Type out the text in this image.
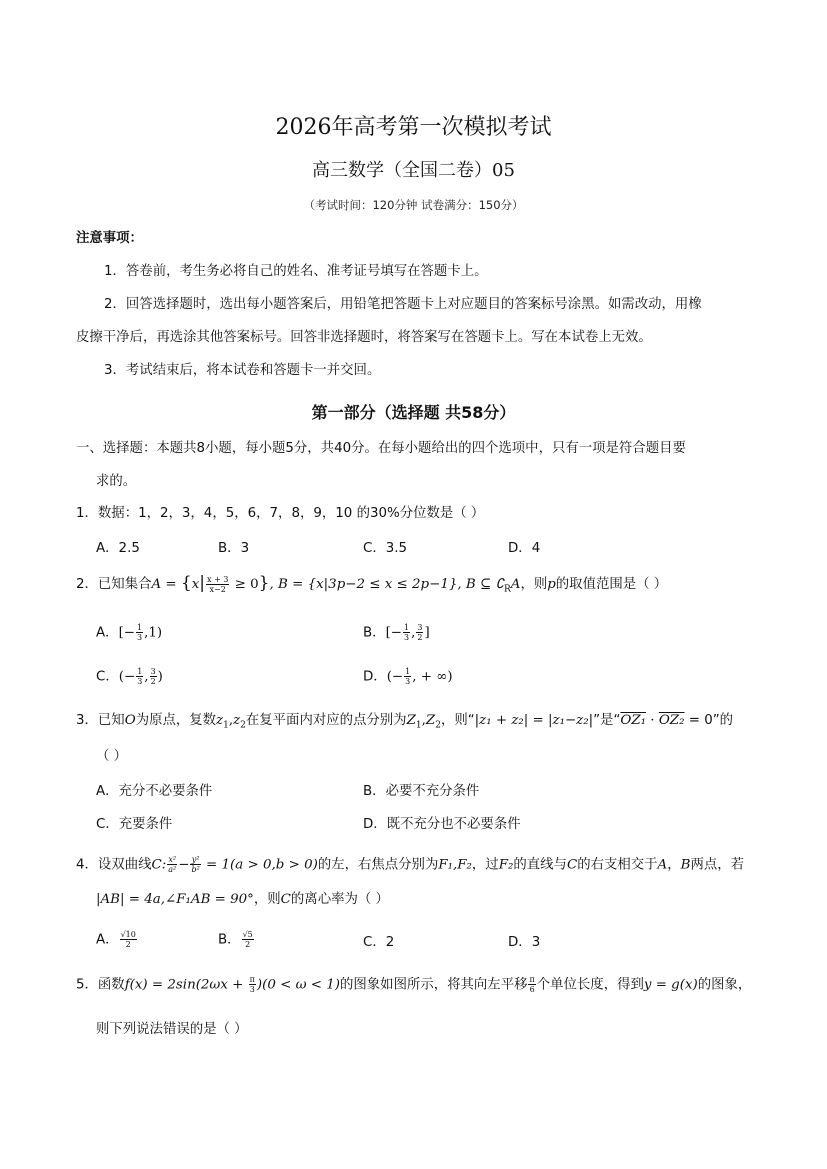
2026年高考第一次模拟考试
高三数学（全国二卷）05
（考试时间：120分钟 试卷满分：150分）
注意事项：
1．答卷前，考生务必将自己的姓名、准考证号填写在答题卡上。
2．回答选择题时，选出每小题答案后，用铅笔把答题卡上对应题目的答案标号涂黑。如需改动，用橡
皮擦干净后，再选涂其他答案标号。回答非选择题时，将答案写在答题卡上。写在本试卷上无效。
3．考试结束后，将本试卷和答题卡一并交回。
第一部分（选择题 共58分）
一、选择题：本题共8小题，每小题5分，共40分。在每小题给出的四个选项中，只有一项是符合题目要
求的。
1．数据：1，2，3，4，5，6，7，8，9，10 的30%分位数是（ ）
A．2.5	B．3	C．3.5	D．4
2．已知集合$A = \{x| \frac{x + 3}{x-2} \ge 0\}$, B = {x|3p−2 ≤ x ≤ 2p−1}, B ⊆ $∁_RA$，则p的取值范围是（ ）
A．[− $\frac{1}{3} ,1$)	B．[− $\frac{1}{3}$ , $\frac{3}{2}$ ]
C．(− $\frac{1}{3}$ , $\frac{3}{2}$ )	D．(− $\frac{1}{3}$ , + ∞)
3．已知O为原点，复数$z_1,z_2$在复平面内对应的点分别为$Z_1,Z_2$，则“|z₁ + z₂| = |z₁−z₂|”是“OZ₁ · OZ₂ = 0”的
（ ）
A．充分不必要条件	B．必要不充分条件
C．充要条件	D．既不充分也不必要条件
4．设双曲线C: $\frac{\text{x²}}{\text{a²}} - \frac{\text{y²}}{\text{b²}} = 1(a > 0,b > 0)$的左，右焦点分别为F₁,F₂，过F₂的直线与C的右支相交于A，B两点，若
|AB| = 4a,∠F₁AB = 90°，则C的离心率为（ ）
A． $\frac{√10}{2}$	B． $\frac{√5}{2}$	C．2	D．3
5．函数$f(x) = 2\sin(2\omega x + \frac{\pi}{3} )(0 < \omega < 1)$的图象如图所示，将其向左平移 $\frac{\pi}{6}$ 个单位长度，得到y = g(x)的图象，
则下列说法错误的是（ ）
